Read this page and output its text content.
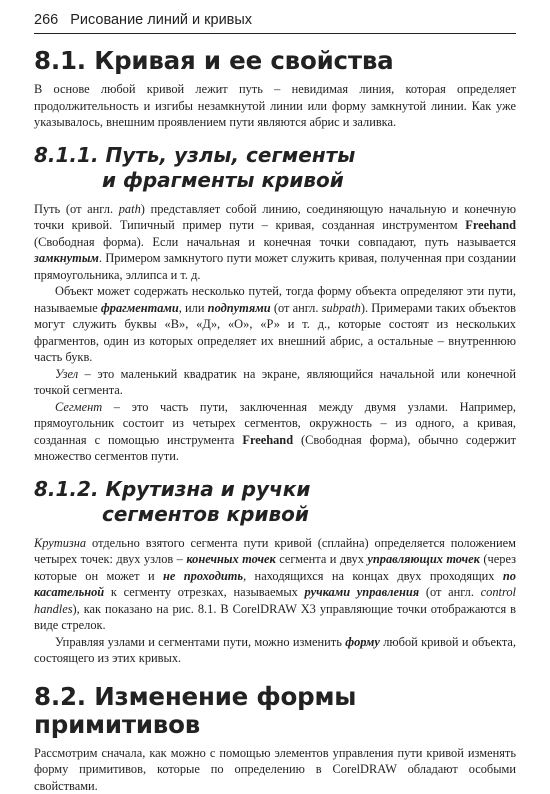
266 Рисование линий и кривых
8.1. Кривая и ее свойства

В основе любой кривой лежит путь – невидимая линия, которая определяет продолжительность и изгибы незамкнутой линии или форму замкнутой линии. Как уже указывалось, внешним проявлением пути являются абрис и заливка.

8.1.1. Путь, узлы, сегменты
и фрагменты кривой

Путь (от англ. path) представляет собой линию, соединяющую начальную и конечную точки кривой. Типичный пример пути – кривая, созданная инструментом Freehand (Свободная форма). Если начальная и конечная точки совпадают, путь называется замкнутым. Примером замкнутого пути может служить кривая, полученная при создании прямоугольника, эллипса и т. д.

Объект может содержать несколько путей, тогда форму объекта определяют эти пути, называемые фрагментами, или подпутями (от англ. subpath). Примерами таких объектов могут служить буквы «В», «Д», «О», «Р» и т. д., которые состоят из нескольких фрагментов, один из которых определяет их внешний абрис, а остальные – внутреннюю часть букв.

Узел – это маленький квадратик на экране, являющийся начальной или конечной точкой сегмента.

Сегмент – это часть пути, заключенная между двумя узлами. Например, прямоугольник состоит из четырех сегментов, окружность – из одного, а кривая, созданная с помощью инструмента Freehand (Свободная форма), обычно содержит множество сегментов пути.

8.1.2. Крутизна и ручки
сегментов кривой

Крутизна отдельно взятого сегмента пути кривой (сплайна) определяется положением четырех точек: двух узлов – конечных точек сегмента и двух управляющих точек (через которые он может и не проходить, находящихся на концах двух проходящих по касательной к сегменту отрезках, называемых ручками управления (от англ. control handles), как показано на рис. 8.1. В CorelDRAW X3 управляющие точки отображаются в виде стрелок.

Управляя узлами и сегментами пути, можно изменить форму любой кривой и объекта, состоящего из этих кривых.

8.2. Изменение формы примитивов

Рассмотрим сначала, как можно с помощью элементов управления пути кривой изменять форму примитивов, которые по определению в CorelDRAW обладают особыми свойствами.
